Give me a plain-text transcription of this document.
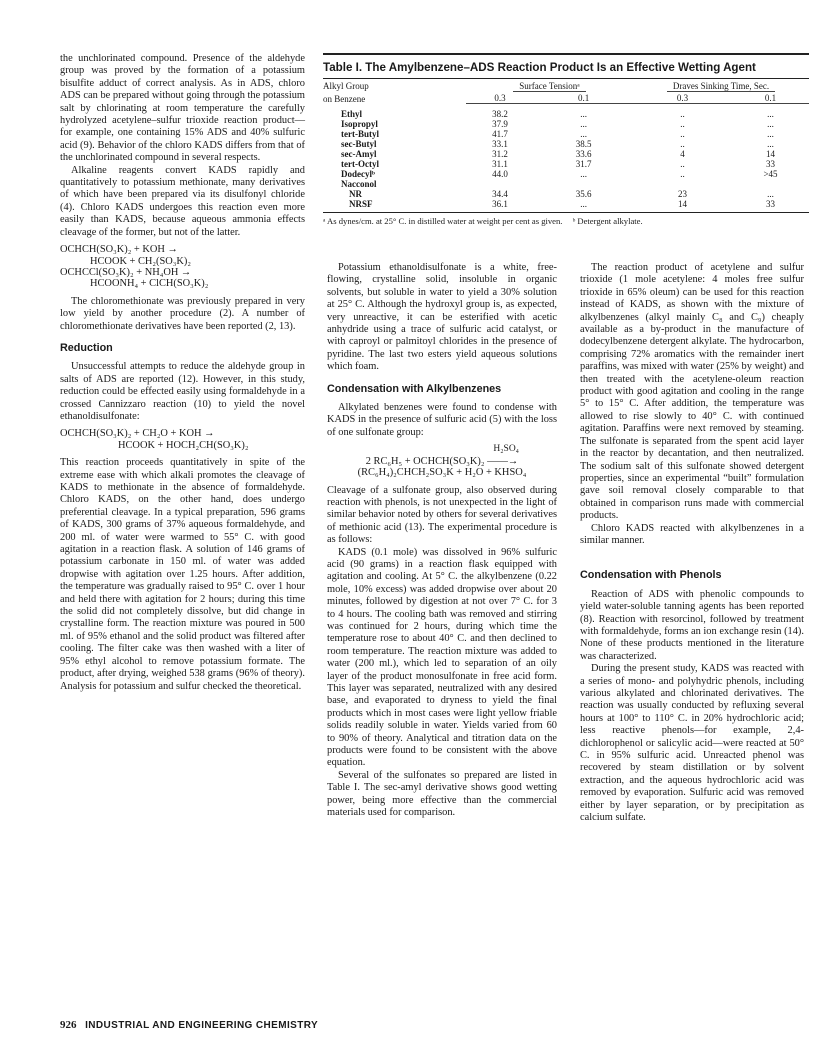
the unchlorinated compound. Presence of the aldehyde group was proved by the formation of a potassium bisulfite adduct of correct analysis. As in ADS, chloro ADS can be prepared without going through the potassium salt by chlorinating at room temperature the carefully hydrolyzed acetylene–sulfur trioxide reaction product—for example, one containing 15% ADS and 40% sulfuric acid (9). Behavior of the chloro KADS differs from that of the unchlorinated compound in several respects.

Alkaline reagents convert KADS rapidly and quantitatively to potassium methionate, many derivatives of which have been prepared via its disulfonyl chloride (4). Chloro KADS undergoes this reaction even more easily than KADS, because aqueous ammonia effects cleavage of the former, but not of the latter.

OCHCH(SO₃K)₂ + KOH →
HCOOK + CH₂(SO₃K)₂
OCHCCl(SO₃K)₂ + NH₄OH →
HCOONH₄ + ClCH(SO₃K)₂

The chloromethionate was previously prepared in very low yield by another procedure (2). A number of chloromethionate derivatives have been reported (2, 13).

Reduction

Unsuccessful attempts to reduce the aldehyde group in salts of ADS are reported (12). However, in this study, reduction could be effected easily using formaldehyde in a crossed Cannizzaro reaction (10) to yield the novel ethanoldisulfonate:

OCHCH(SO₃K)₂ + CH₂O + KOH →
HCOOK + HOCH₂CH(SO₃K)₂

This reaction proceeds quantitatively in spite of the extreme ease with which alkali promotes the cleavage of KADS to methionate in the absence of formaldehyde. Chloro KADS, on the other hand, does undergo preferential cleavage. In a typical preparation, 596 grams of KADS, 300 grams of 37% aqueous formaldehyde, and 200 ml. of water were warmed to 55° C. with good agitation in a reaction flask. A solution of 146 grams of potassium carbonate in 150 ml. of water was added dropwise with agitation over 1.25 hours. After addition, the temperature was gradually raised to 95° C. over 1 hour and held there with agitation for 2 hours; during this time the solid did not completely dissolve, but did change in crystalline form. The reaction mixture was poured in 500 ml. of 95% ethanol and the solid product was filtered after cooling. The filter cake was then washed with a liter of 95% ethyl alcohol to remove potassium formate. The product, after drying, weighed 538 grams (96% of theory). Analysis for potassium and sulfur checked the theoretical.

Table I. The Amylbenzene–ADS Reaction Product Is an Effective Wetting Agent
Alkyl Group	Surface Tensionᵃ		Draves Sinking Time, Sec.	
on Benzene	0.3	0.1	0.3	0.1
Ethyl	38.2	...	..	...
Isopropyl	37.9	...	..	...
tert-Butyl	41.7	...	..	...
sec-Butyl	33.1	38.5	..	...
sec-Amyl	31.2	33.6	4	14
tert-Octyl	31.1	31.7	..	33
Dodecylᵇ	44.0	...	..	>45
Nacconol				
NR	34.4	35.6	23	...
NRSF	36.1	...	14	33
ᵃ As dynes/cm. at 25° C. in distilled water at weight per cent as given. ᵇ Detergent alkylate.

Potassium ethanoldisulfonate is a white, free-flowing, crystalline solid, insoluble in organic solvents, but soluble in water to yield a 30% solution at 25° C. Although the hydroxyl group is, as expected, very unreactive, it can be esterified with acetic anhydride using a trace of sulfuric acid catalyst, or with caproyl or palmitoyl chlorides in the presence of pyridine. The last two esters yield aqueous solutions which foam.

Condensation with Alkylbenzenes

Alkylated benzenes were found to condense with KADS in the presence of sulfuric acid (5) with the loss of one sulfonate group:

H₂SO₄
2 RC₆H₅ + OCHCH(SO₃K)₂ ——→
(RC₆H₄)₂CHCH₂SO₃K + H₂O + KHSO₄

Cleavage of a sulfonate group, also observed during reaction with phenols, is not unexpected in the light of similar behavior noted by others for several derivatives of methionic acid (13). The experimental procedure is as follows:

KADS (0.1 mole) was dissolved in 96% sulfuric acid (90 grams) in a reaction flask equipped with agitation and cooling. At 5° C. the alkylbenzene (0.22 mole, 10% excess) was added dropwise over about 20 minutes, followed by digestion at not over 7° C. for 3 to 4 hours. The cooling bath was removed and stirring was continued for 2 hours, during which time the temperature rose to about 40° C. and then declined to room temperature. The reaction mixture was added to water (200 ml.), which led to separation of an oily layer of the product monosulfonate in free acid form. This layer was separated, neutralized with any desired base, and evaporated to dryness to yield the final products which in most cases were light yellow friable solids readily soluble in water. Yields varied from 60 to 90% of theory. Analytical and titration data on the products were found to be consistent with the above equation.

Several of the sulfonates so prepared are listed in Table I. The sec-amyl derivative shows good wetting power, being more effective than the commercial materials used for comparison.

The reaction product of acetylene and sulfur trioxide (1 mole acetylene: 4 moles free sulfur trioxide in 65% oleum) can be used for this reaction instead of KADS, as shown with the mixture of alkylbenzenes (alkyl mainly C₈ and C₉) cheaply available as a by-product in the manufacture of dodecylbenzene detergent alkylate. The hydrocarbon, comprising 72% aromatics with the remainder inert paraffins, was mixed with water (25% by weight) and then treated with the acetylene-oleum reaction product with good agitation and cooling in the range 5° to 15° C. After addition, the temperature was allowed to rise slowly to 40° C. with continued agitation. Paraffins were next removed by steaming. The sulfonate is separated from the spent acid layer in the reactor by decantation, and then neutralized. The sodium salt of this sulfonate showed detergent properties, since an experimental “built” formulation gave soil removal closely comparable to that obtained in comparison runs made with commercial products.

Chloro KADS reacted with alkylbenzenes in a similar manner.

Condensation with Phenols

Reaction of ADS with phenolic compounds to yield water-soluble tanning agents has been reported (8). Reaction with resorcinol, followed by treatment with formaldehyde, forms an ion exchange resin (14). None of these products mentioned in the literature was characterized.

During the present study, KADS was reacted with a series of mono- and polyhydric phenols, including various alkylated and chlorinated derivatives. The reaction was usually conducted by refluxing several hours at 100° to 110° C. in 20% hydrochloric acid; less reactive phenols—for example, 2,4-dichlorophenol or salicylic acid—were reacted at 50° C. in 95% sulfuric acid. Unreacted phenol was recovered by steam distillation or by solvent extraction, and the aqueous hydrochloric acid was removed by evaporation. Sulfuric acid was removed either by layer separation, or by precipitation as calcium sulfate.

926 INDUSTRIAL AND ENGINEERING CHEMISTRY
